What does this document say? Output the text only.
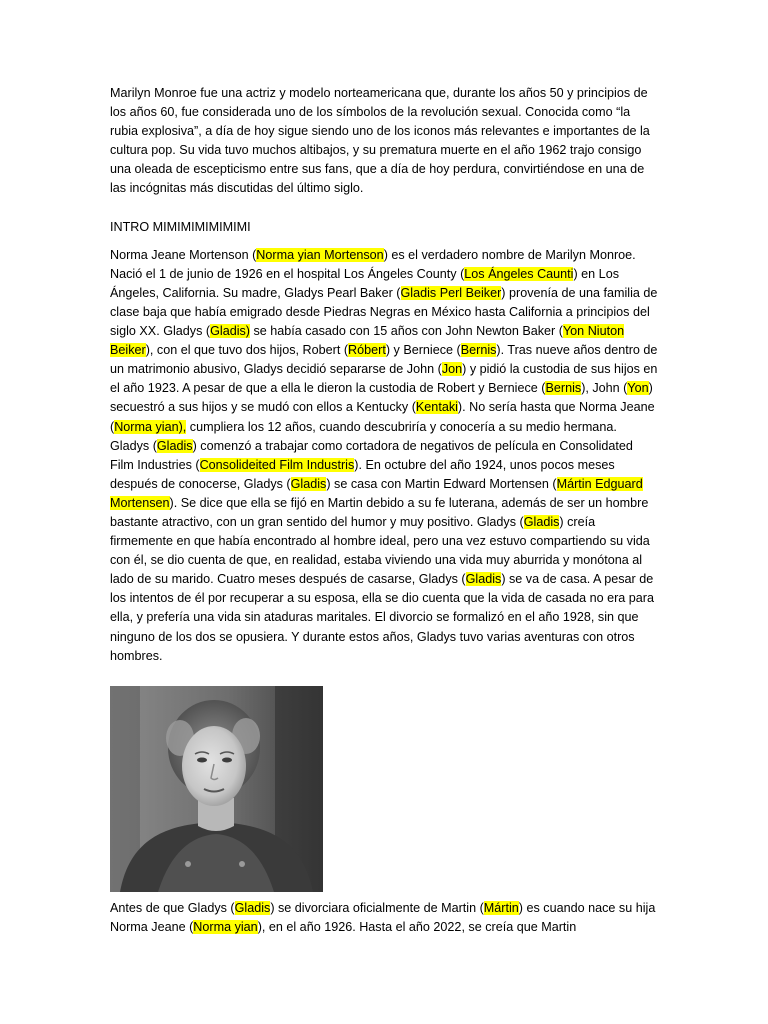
Marilyn Monroe fue una actriz y modelo norteamericana que, durante los años 50 y principios de los años 60, fue considerada uno de los símbolos de la revolución sexual. Conocida como “la rubia explosiva”, a día de hoy sigue siendo uno de los iconos más relevantes e importantes de la cultura pop. Su vida tuvo muchos altibajos, y su prematura muerte en el año 1962 trajo consigo una oleada de escepticismo entre sus fans, que a día de hoy perdura, convirtiéndose en una de las incógnitas más discutidas del último siglo.

INTRO MIMIMIMIMIMIMI

Norma Jeane Mortenson (Norma yian Mortenson) es el verdadero nombre de Marilyn Monroe. Nació el 1 de junio de 1926 en el hospital Los Ángeles County (Los Ángeles Caunti) en Los Ángeles, California. Su madre, Gladys Pearl Baker (Gladis Perl Beiker) provenía de una familia de clase baja que había emigrado desde Piedras Negras en México hasta California a principios del siglo XX. Gladys (Gladis) se había casado con 15 años con John Newton Baker (Yon Niuton Beiker), con el que tuvo dos hijos, Robert (Róbert) y Berniece (Bernis). Tras nueve años dentro de un matrimonio abusivo, Gladys decidió separarse de John (Jon) y pidió la custodia de sus hijos en el año 1923. A pesar de que a ella le dieron la custodia de Robert y Berniece (Bernis), John (Yon) secuestró a sus hijos y se mudó con ellos a Kentucky (Kentaki). No sería hasta que Norma Jeane (Norma yian), cumpliera los 12 años, cuando descubriría y conocería a su medio hermana. Gladys (Gladis) comenzó a trabajar como cortadora de negativos de película en Consolidated Film Industries (Consolideited Film Industris). En octubre del año 1924, unos pocos meses después de conocerse, Gladys (Gladis) se casa con Martin Edward Mortensen (Mártin Edguard Mortensen). Se dice que ella se fijó en Martin debido a su fe luterana, además de ser un hombre bastante atractivo, con un gran sentido del humor y muy positivo. Gladys (Gladis) creía firmemente en que había encontrado al hombre ideal, pero una vez estuvo compartiendo su vida con él, se dio cuenta de que, en realidad, estaba viviendo una vida muy aburrida y monótona al lado de su marido. Cuatro meses después de casarse, Gladys (Gladis) se va de casa. A pesar de los intentos de él por recuperar a su esposa, ella se dio cuenta que la vida de casada no era para ella, y prefería una vida sin ataduras maritales. El divorcio se formalizó en el año 1928, sin que ninguno de los dos se opusiera. Y durante estos años, Gladys tuvo varias aventuras con otros hombres.

Antes de que Gladys (Gladis) se divorciara oficialmente de Martin (Mártin) es cuando nace su hija Norma Jeane (Norma yian), en el año 1926. Hasta el año 2022, se creía que Martin
